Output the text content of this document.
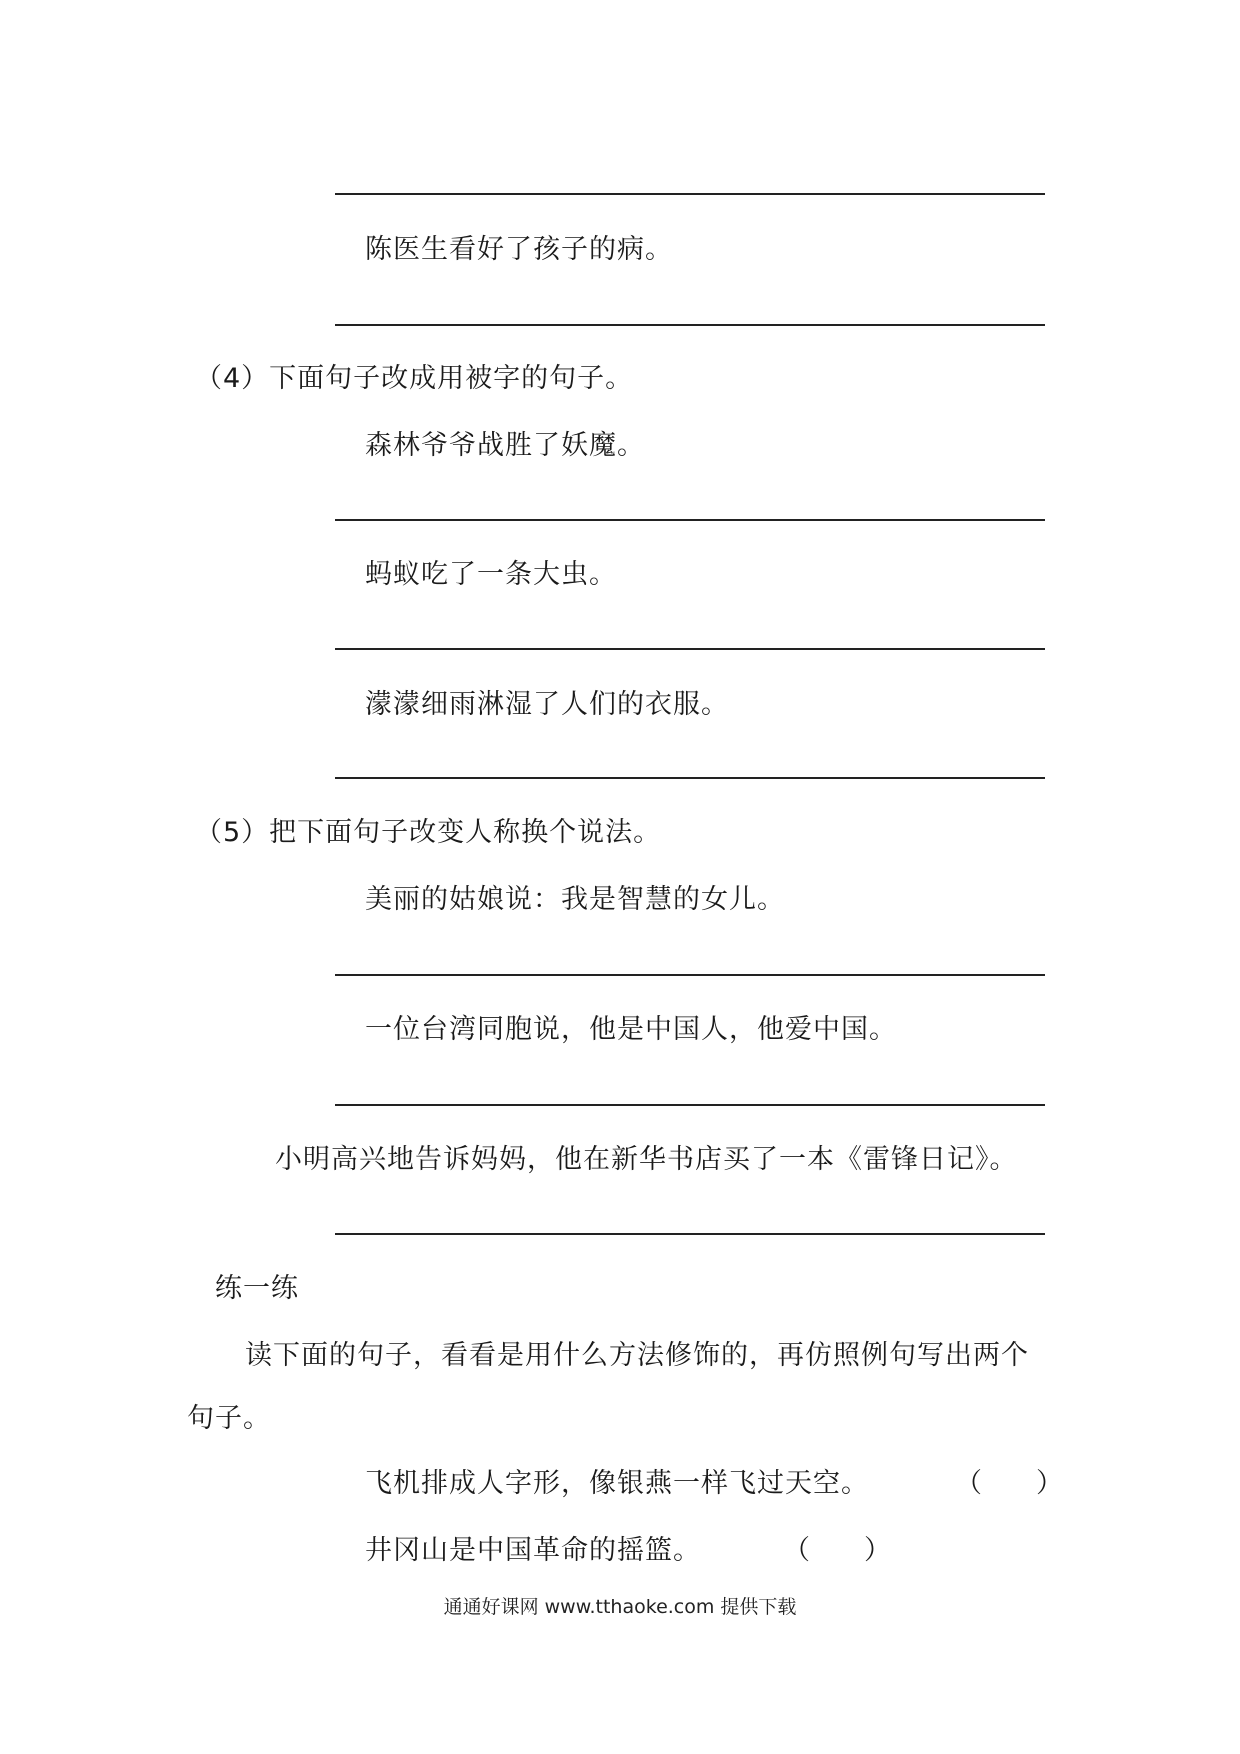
陈医生看好了孩子的病。
（4）下面句子改成用被字的句子。
森林爷爷战胜了妖魔。
蚂蚁吃了一条大虫。
濛濛细雨淋湿了人们的衣服。
（5）把下面句子改变人称换个说法。
美丽的姑娘说：我是智慧的女儿。
一位台湾同胞说，他是中国人，他爱中国。
小明高兴地告诉妈妈，他在新华书店买了一本《雷锋日记》。
练一练
读下面的句子，看看是用什么方法修饰的，再仿照例句写出两个
句子。
飞机排成人字形，像银燕一样飞过天空。	（　　）
井冈山是中国革命的摇篮。	（　　）
通通好课网 www.tthaoke.com 提供下载
